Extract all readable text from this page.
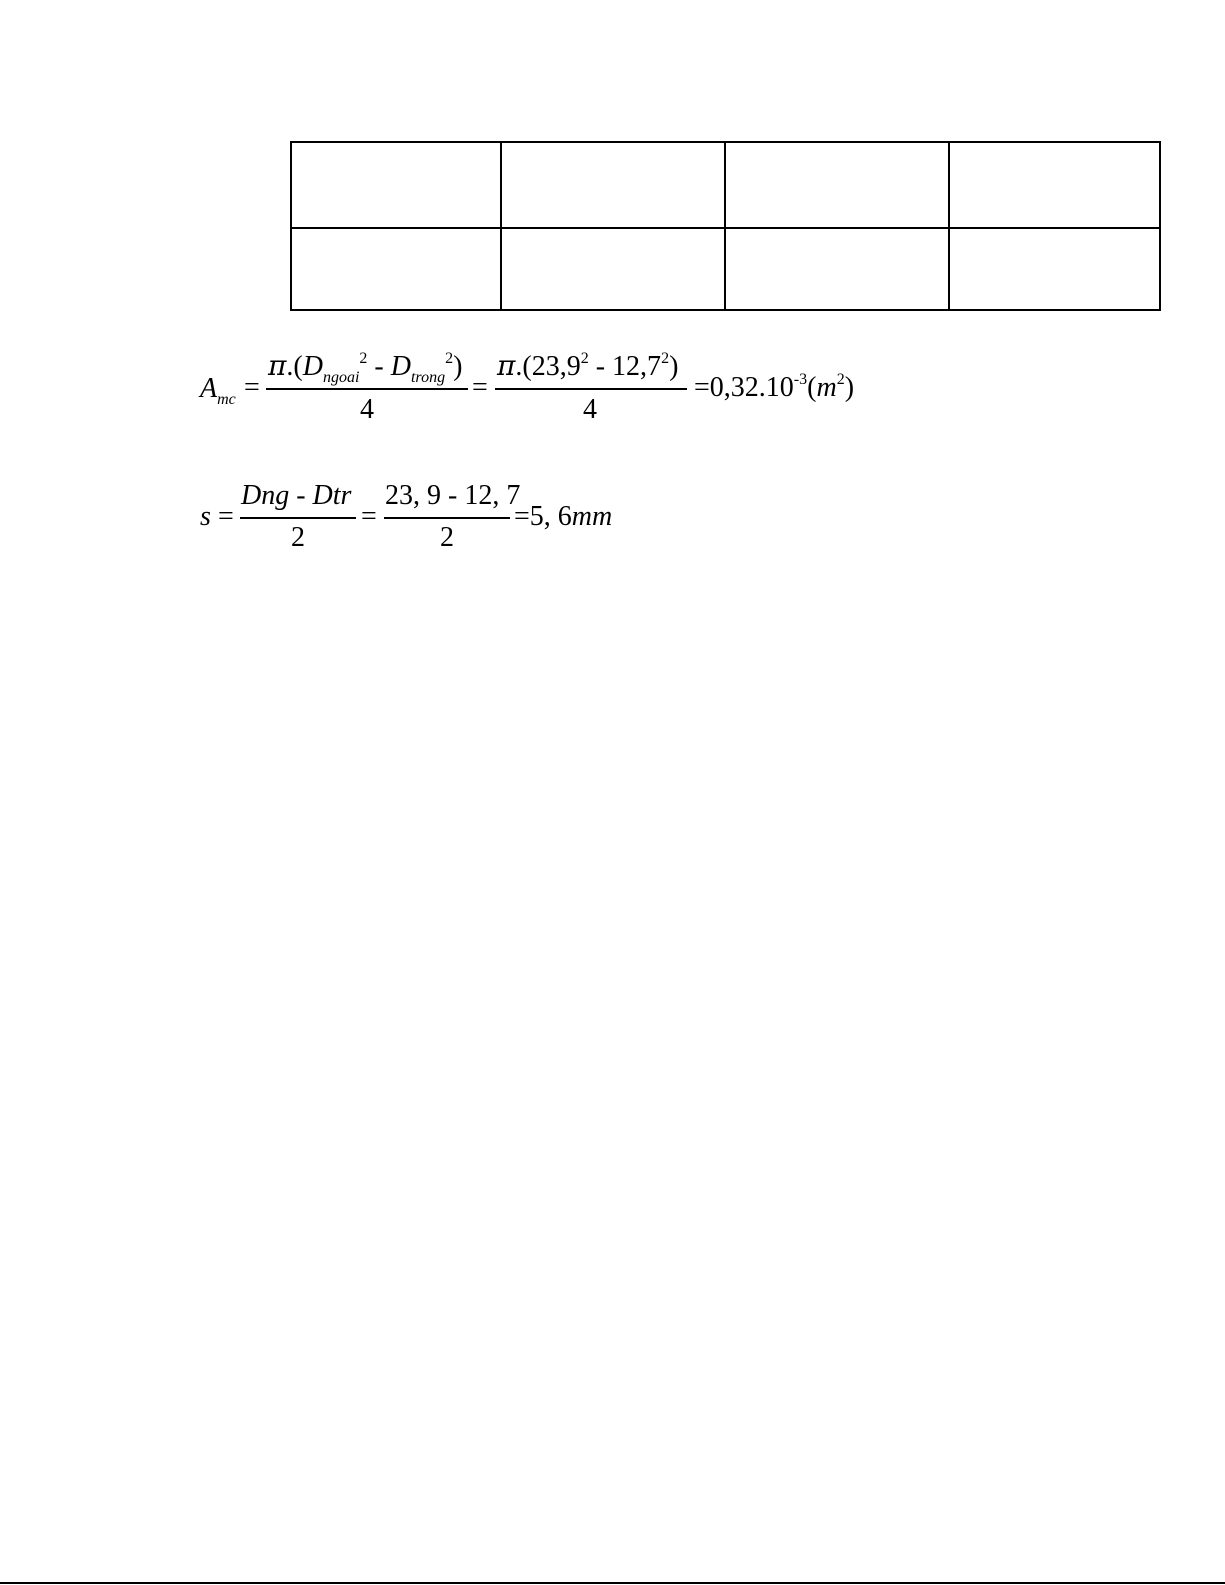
$A_{mc}$ =
$\pi.(D_{ngoai}^2 - D_{trong}^2)$
4
=
$\pi.(23,9^2 - 12,7^2)$
4
$=0,32.10^{-3}(m^2)$
s =
Dng - Dtr
2
=
23, 9 - 12, 7
2
=5, 6mm
